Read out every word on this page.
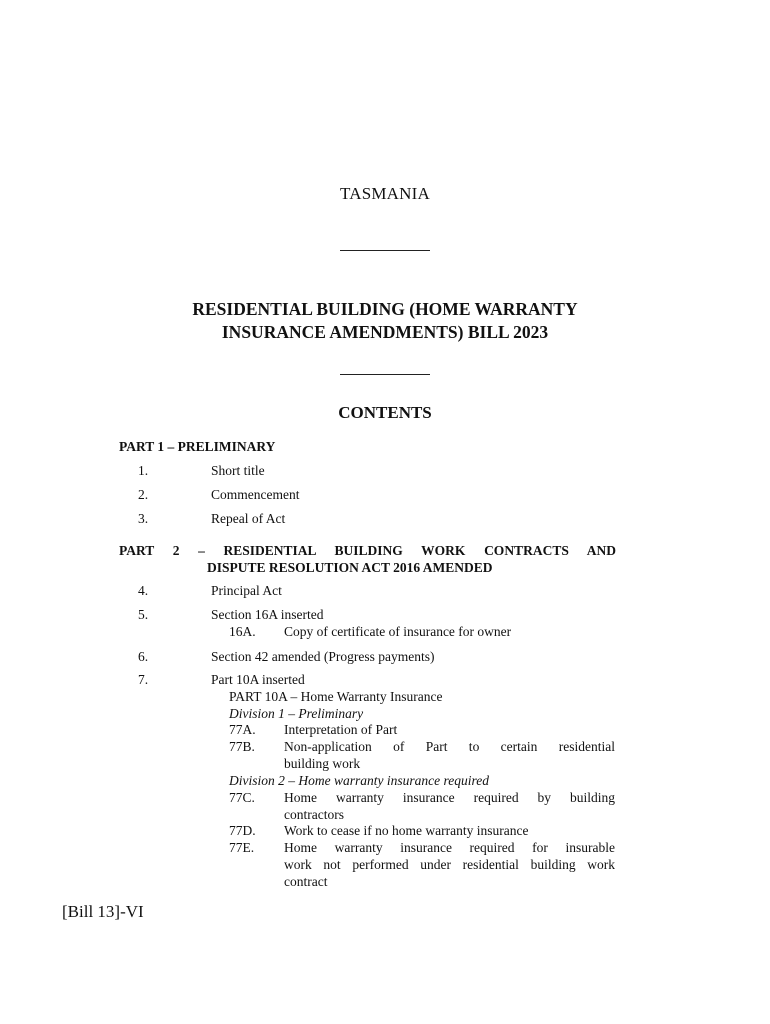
TASMANIA
RESIDENTIAL BUILDING (HOME WARRANTY
INSURANCE AMENDMENTS) BILL 2023
CONTENTS
PART 1 – PRELIMINARY
1.	Short title
2.	Commencement
3.	Repeal of Act
PART 2 – RESIDENTIAL BUILDING WORK CONTRACTS AND
DISPUTE RESOLUTION ACT 2016 AMENDED
4.	Principal Act
5.	Section 16A inserted
16A. Copy of certificate of insurance for owner
6.	Section 42 amended (Progress payments)
7.	Part 10A inserted
PART 10A – Home Warranty Insurance
Division 1 – Preliminary
77A. Interpretation of Part
77B. Non-application of Part to certain residential
building work
Division 2 – Home warranty insurance required
77C. Home warranty insurance required by building
contractors
77D. Work to cease if no home warranty insurance
77E. Home warranty insurance required for insurable
work not performed under residential building work
contract
[Bill 13]-VI
